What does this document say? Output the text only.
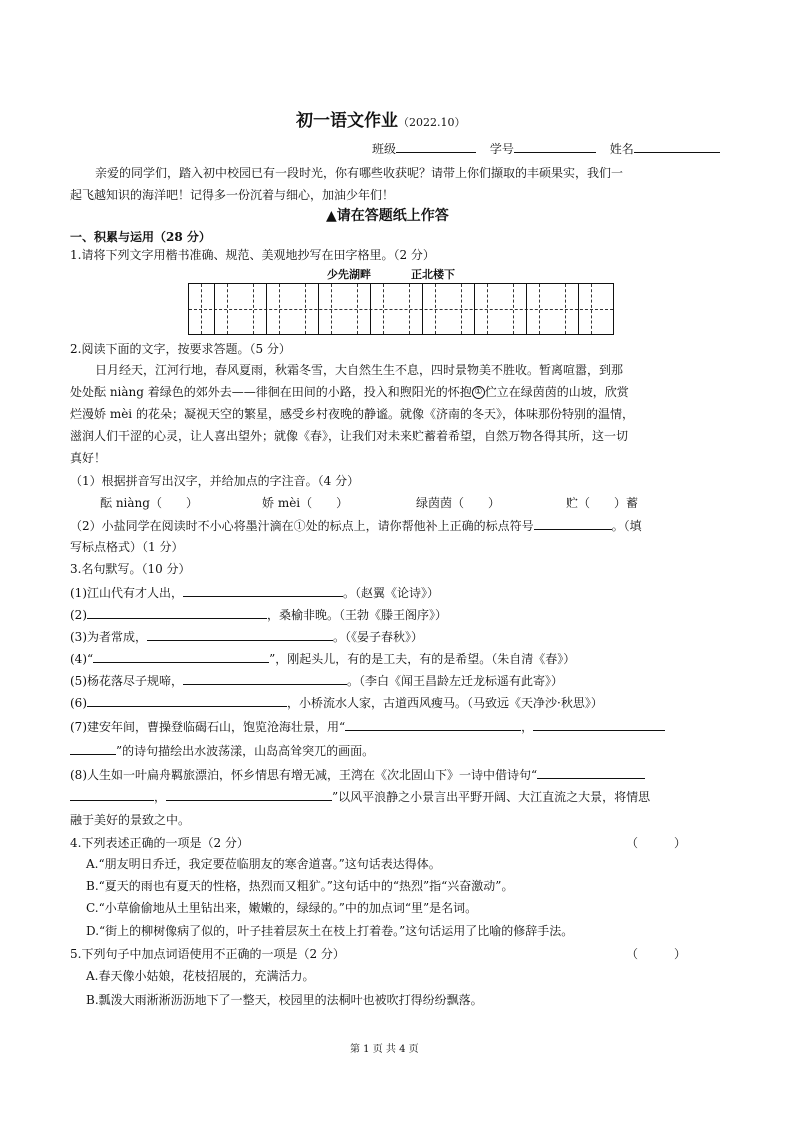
初一语文作业（2022.10）
班级	学号	姓名
亲爱的同学们，踏入初中校园已有一段时光，你有哪些收获呢？请带上你们撷取的丰硕果实，我们一
起飞越知识的海洋吧！记得多一份沉着与细心，加油少年们！
▲请在答题纸上作答
一、积累与运用（28 分）
1.请将下列文字用楷书准确、规范、美观地抄写在田字格里。（2 分）
少先湖畔	正北楼下
2.阅读下面的文字，按要求答题。（5 分）
日月经天，江河行地，春风夏雨，秋霜冬雪，大自然生生不息，四时景物美不胜收。暂离喧嚣，到那
处处酝 niàng 着绿色的郊外去——徘徊在田间的小路，投入和煦阳光的怀抱 ① 伫立在绿茵茵的山坡，欣赏
烂漫娇 mèi 的花朵；凝视天空的繁星，感受乡村夜晚的静谧。就像《济南的冬天》，体味那份特别的温情，
滋润人们干涩的心灵，让人喜出望外；就像《春》，让我们对未来贮蓄着希望，自然万物各得其所，这一切
真好！
（1）根据拼音写出汉字，并给加点的字注音。（4 分）
酝 niàng（　　）	娇 mèi（　　）	绿茵茵（　　）	贮（　　）蓄
（2）小盐同学在阅读时不小心将墨汁滴在①处的标点上，请你帮他补上正确的标点符号	。（填
写标点格式）（1 分）
3.名句默写。（10 分）
(1)江山代有才人出，	。（赵翼《论诗》）
(2)	，桑榆非晚。（王勃《滕王阁序》）
(3)为者常成，	。（《晏子春秋》）
(4)“	”，刚起头儿，有的是工夫，有的是希望。（朱自清《春》）
(5)杨花落尽子规啼，	。（李白《闻王昌龄左迁龙标遥有此寄》）
(6)	，小桥流水人家，古道西风瘦马。（马致远《天净沙·秋思》）
(7)建安年间，曹操登临碣石山，饱览沧海壮景，用“	，
”的诗句描绘出水波荡漾，山岛高耸突兀的画面。
(8)人生如一叶扁舟羁旅漂泊，怀乡情思有增无减，王湾在《次北固山下》一诗中借诗句“
，	”以风平浪静之小景言出平野开阔、大江直流之大景，将情思
融于美好的景致之中。
4.下列表述正确的一项是（2 分）	（　　　）
A.“朋友明日乔迁，我定要莅临朋友的寒舍道喜。”这句话表达得体。
B.“夏天的雨也有夏天的性格，热烈而又粗犷。”这句话中的“热烈”指“兴奋激动”。
C.“小草偷偷地从土里钻出来，嫩嫩的，绿绿的。”中的加点词“里”是名词。
D.“街上的柳树像病了似的，叶子挂着层灰土在枝上打着卷。”这句话运用了比喻的修辞手法。
5.下列句子中加点词语使用不正确的一项是（2 分）	（　　　）
A.春天像小姑娘，花枝招展的，充满活力。
B.瓢泼大雨淅淅沥沥地下了一整天，校园里的法桐叶也被吹打得纷纷飘落。
第 1 页 共 4 页
